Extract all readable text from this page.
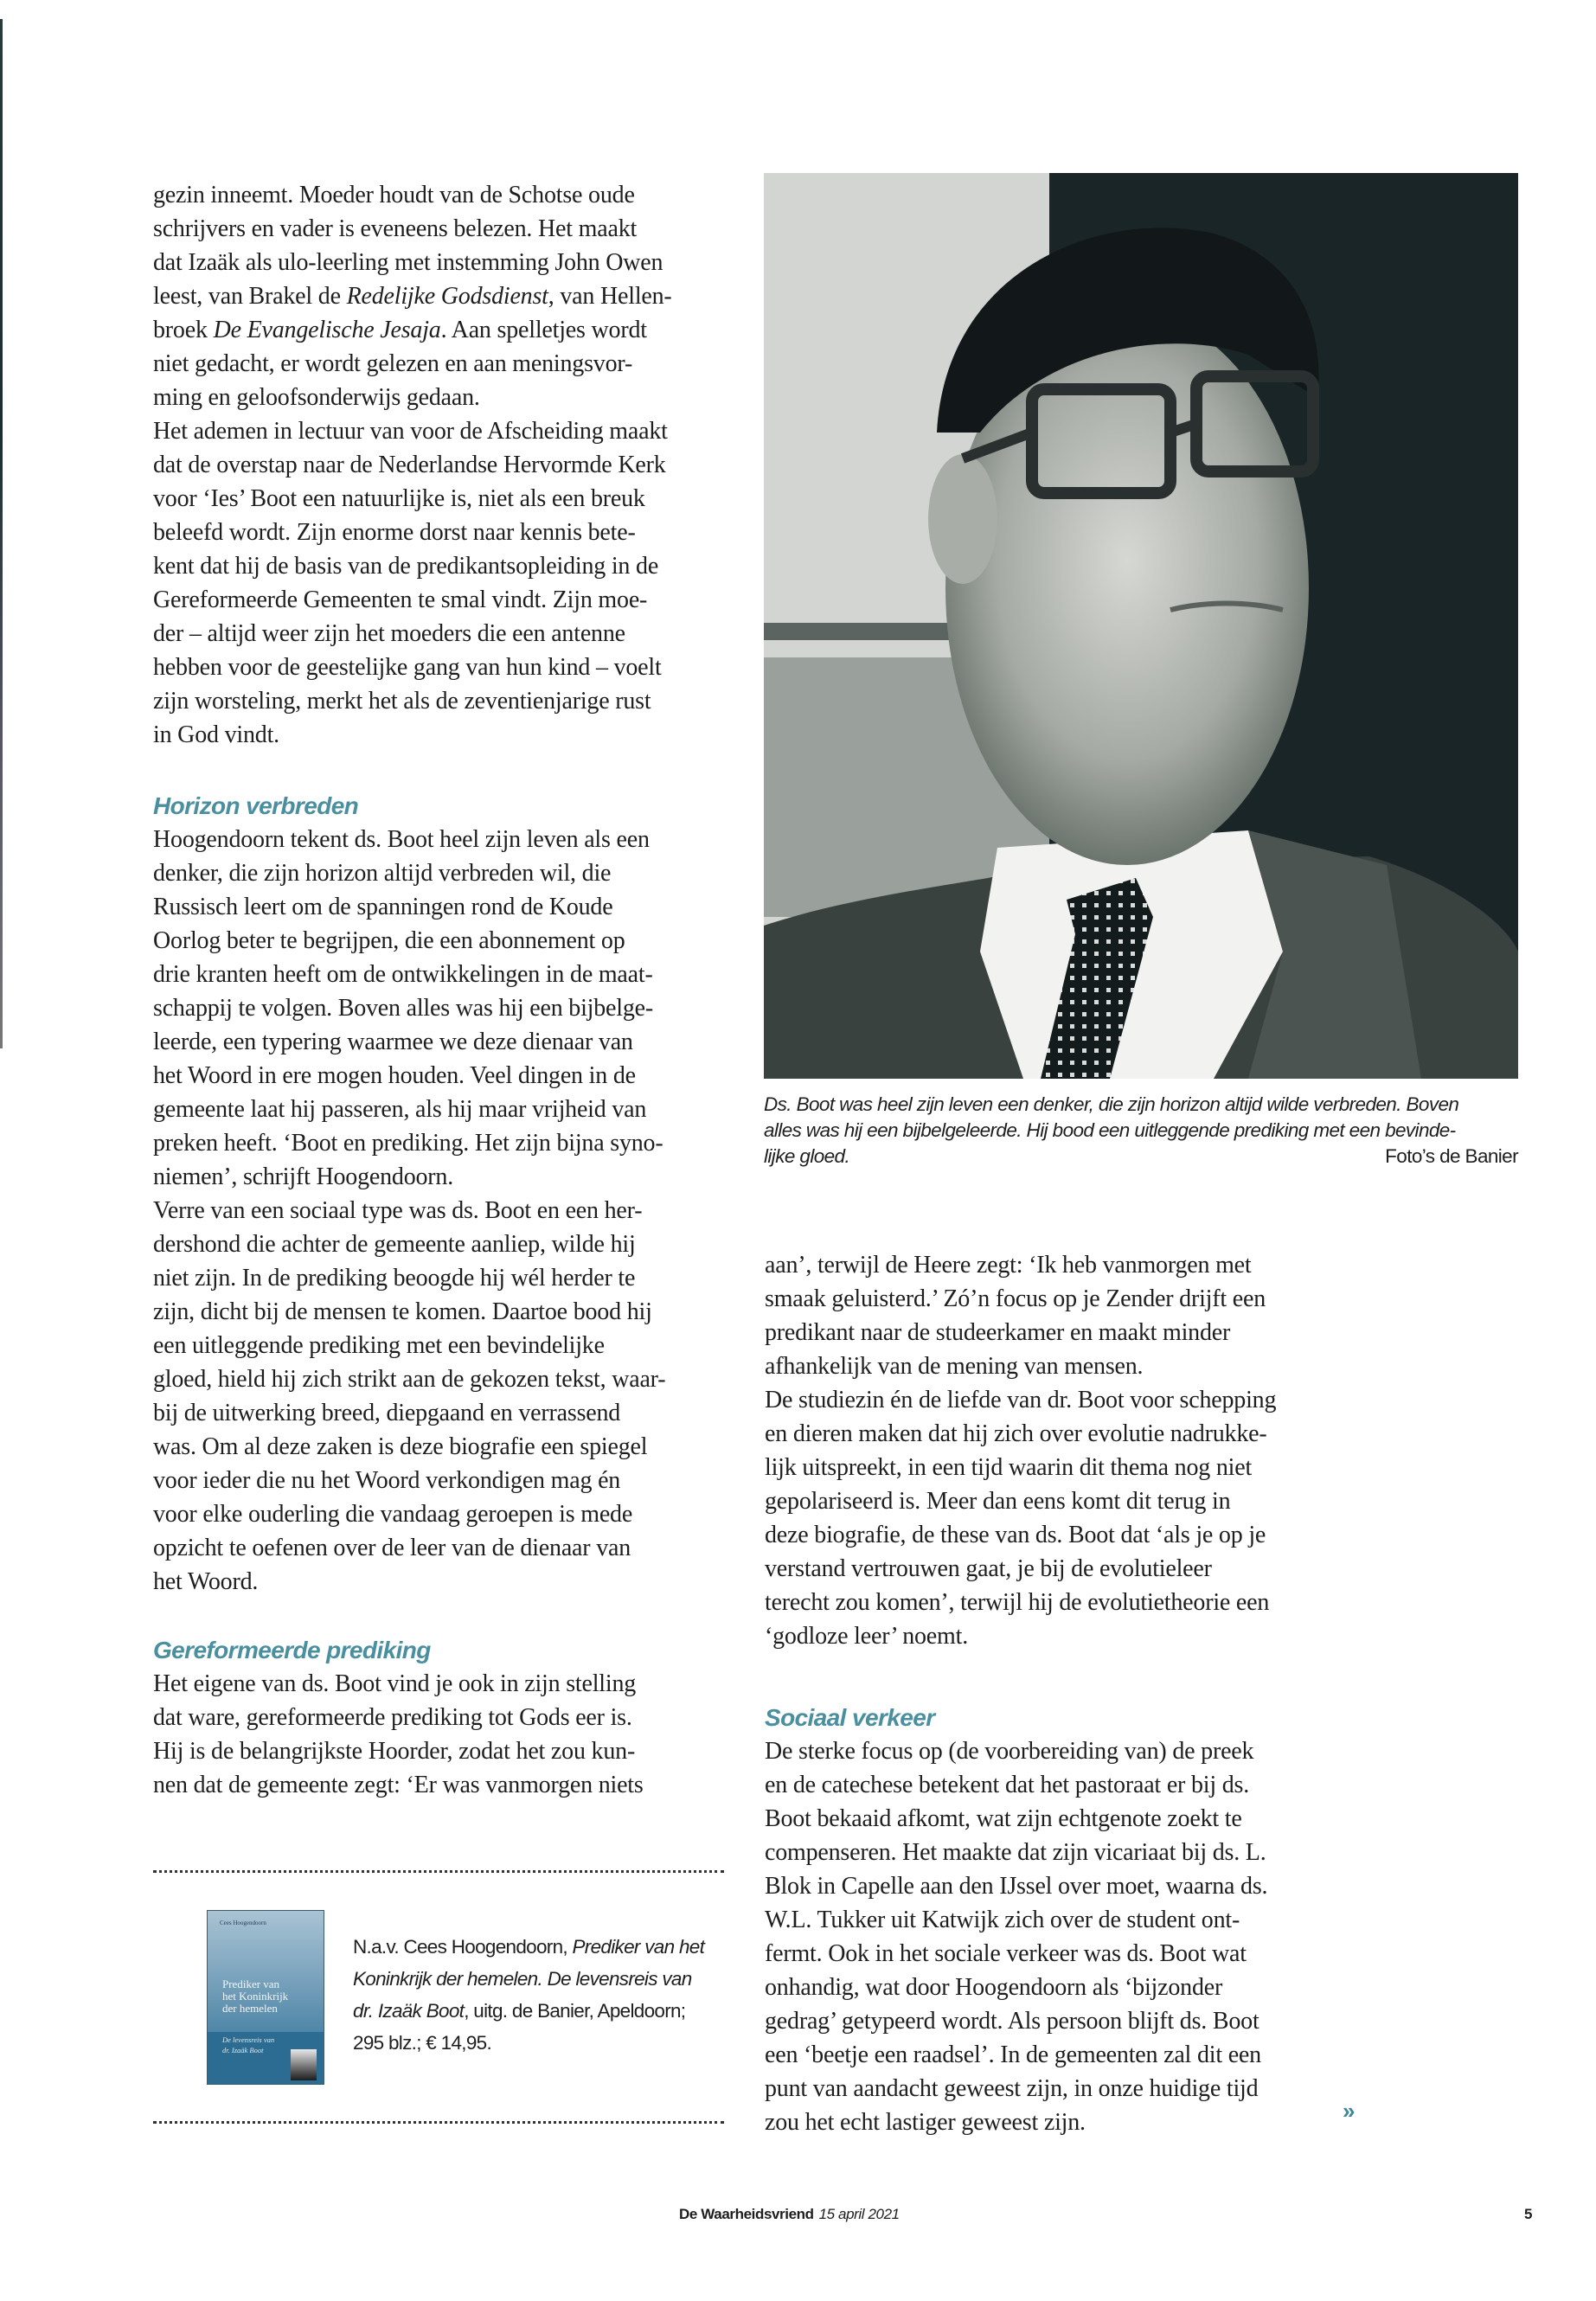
gezin inneemt. Moeder houdt van de Schotse oude
schrijvers en vader is eveneens belezen. Het maakt
dat Izaäk als ulo-leerling met instemming John Owen
leest, van Brakel de Redelijke Godsdienst, van Hellen-
broek De Evangelische Jesaja. Aan spelletjes wordt
niet gedacht, er wordt gelezen en aan meningsvor-
ming en geloofsonderwijs gedaan.

Het ademen in lectuur van voor de Afscheiding maakt
dat de overstap naar de Nederlandse Hervormde Kerk
voor ‘Ies’ Boot een natuurlijke is, niet als een breuk
beleefd wordt. Zijn enorme dorst naar kennis bete-
kent dat hij de basis van de predikantsopleiding in de
Gereformeerde Gemeenten te smal vindt. Zijn moe-
der – altijd weer zijn het moeders die een antenne
hebben voor de geestelijke gang van hun kind – voelt
zijn worsteling, merkt het als de zeventienjarige rust
in God vindt.

Horizon verbreden

Hoogendoorn tekent ds. Boot heel zijn leven als een
denker, die zijn horizon altijd verbreden wil, die
Russisch leert om de spanningen rond de Koude
Oorlog beter te begrijpen, die een abonnement op
drie kranten heeft om de ontwikkelingen in de maat-
schappij te volgen. Boven alles was hij een bijbelge-
leerde, een typering waarmee we deze dienaar van
het Woord in ere mogen houden. Veel dingen in de
gemeente laat hij passeren, als hij maar vrijheid van
preken heeft. ‘Boot en prediking. Het zijn bijna syno-
niemen’, schrijft Hoogendoorn.

Verre van een sociaal type was ds. Boot en een her-
dershond die achter de gemeente aanliep, wilde hij
niet zijn. In de prediking beoogde hij wél herder te
zijn, dicht bij de mensen te komen. Daartoe bood hij
een uitleggende prediking met een bevindelijke
gloed, hield hij zich strikt aan de gekozen tekst, waar-
bij de uitwerking breed, diepgaand en verrassend
was. Om al deze zaken is deze biografie een spiegel
voor ieder die nu het Woord verkondigen mag én
voor elke ouderling die vandaag geroepen is mede
opzicht te oefenen over de leer van de dienaar van
het Woord.

Gereformeerde prediking

Het eigene van ds. Boot vind je ook in zijn stelling
dat ware, gereformeerde prediking tot Gods eer is.
Hij is de belangrijkste Hoorder, zodat het zou kun-
nen dat de gemeente zegt: ‘Er was vanmorgen niets

Cees Hoogendoorn
Prediker van
het Koninkrijk
der hemelen
De levensreis van
dr. Izaäk Boot
N.a.v. Cees Hoogendoorn, Prediker van het Koninkrijk der hemelen. De levensreis van dr. Izaäk Boot, uitg. de Banier, Apeldoorn; 295 blz.; € 14,95.
Ds. Boot was heel zijn leven een denker, die zijn horizon altijd wilde verbreden. Boven
alles was hij een bijbelgeleerde. Hij bood een uitleggende prediking met een bevinde-
lijke gloed.	Foto’s de Banier

aan’, terwijl de Heere zegt: ‘Ik heb vanmorgen met
smaak geluisterd.’ Zó’n focus op je Zender drijft een
predikant naar de studeerkamer en maakt minder
afhankelijk van de mening van mensen.

De studiezin én de liefde van dr. Boot voor schepping
en dieren maken dat hij zich over evolutie nadrukke-
lijk uitspreekt, in een tijd waarin dit thema nog niet
gepolariseerd is. Meer dan eens komt dit terug in
deze biografie, de these van ds. Boot dat ‘als je op je
verstand vertrouwen gaat, je bij de evolutieleer
terecht zou komen’, terwijl hij de evolutietheorie een
‘godloze leer’ noemt.

Sociaal verkeer

De sterke focus op (de voorbereiding van) de preek
en de catechese betekent dat het pastoraat er bij ds.
Boot bekaaid afkomt, wat zijn echtgenote zoekt te
compenseren. Het maakte dat zijn vicariaat bij ds. L.
Blok in Capelle aan den IJssel over moet, waarna ds.
W.L. Tukker uit Katwijk zich over de student ont-
fermt. Ook in het sociale verkeer was ds. Boot wat
onhandig, wat door Hoogendoorn als ‘bijzonder
gedrag’ getypeerd wordt. Als persoon blijft ds. Boot
een ‘beetje een raadsel’. In de gemeenten zal dit een
punt van aandacht geweest zijn, in onze huidige tijd
zou het echt lastiger geweest zijn.	»
De Waarheidsvriend 15 april 2021	5
